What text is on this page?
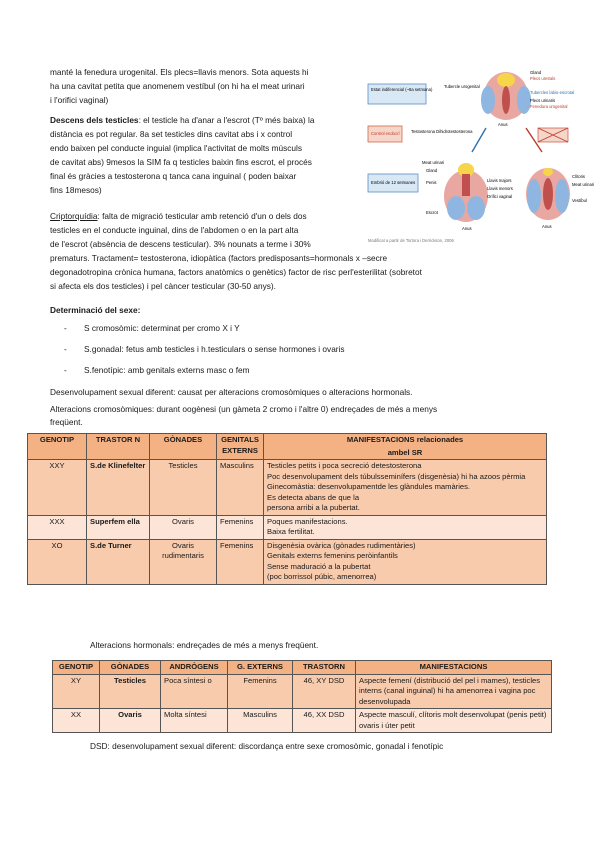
manté la fenedura urogenital. Els plecs=llavis menors. Sota aquests hi
ha una cavitat petita que anomenem vestíbul (on hi ha el meat urinari
i l'orifici vaginal)
Descens dels testicles: el testicle ha d'anar a l'escrot (Tº més baixa) la
distància es pot regular. 8a set testicles dins cavitat abs i x control
endo baixen pel conducte inguial (implica l'activitat de molts músculs
de cavitat abs) 9mesos la SIM fa q testicles baixin fins escrot, el procés
final és gràcies a testosterona q tanca cana inguinal ( poden baixar
fins 18mesos)
Criptorquídia: falta de migració testicular amb retenció d'un o dels dos
testicles en el conducte inguinal, dins de l'abdomen o en la part alta
de l'escrot (absència de descens testicular). 3% nounats a terme i 30%
prematurs. Tractament= testosterona, idiopàtica (factors predisposants=hormonals x –secre
degonadotropina crònica humana, factors anatòmics o genètics) factor de risc perl'esterilitat (sobretot
si afecta els dos testicles) i pel càncer testicular (30-50 anys).
Estat indiferencial (~8a setmana)
Control endocrí	Testosterona Dihidrotestosterona
Embrió de 12 setmanes
Gland
Plecs uretrals
Tubercle urogenital
Tubercles labio-escrotal
Plecs urinaris
Fenedura urogenital
Anus
Meat urinari
Gland
Penis
Escrot
Anus
Llavis majors
Llavis menors
Orifici vaginal
Clítoris
Meat urinari
Vestíbul
Anus
Modificat a partir de Tortora i Derrickson, 2006
Determinació del sexe:
- S cromosòmic: determinat per cromo X i Y
- S.gonadal: fetus amb testicles i h.testiculars o sense hormones i ovaris
- S.fenotípic: amb genitals externs masc o fem
Desenvolupament sexual diferent: causat per alteracions cromosòmiques o alteracions hormonals.
Alteracions cromosòmiques: durant oogènesi (un gàmeta 2 cromo i l'altre 0) endreçades de més a menys
freqüent.
GENOTIP	TRASTOR N	GÒNADES	GENITALS EXTERNS	MANIFESTACIONS relacionades
				ambel SR
XXY	S.de Klinefelter	Testicles	Masculins	Testicles petits i poca secreció detestosterona
Poc desenvolupament dels túbulsseminífers (disgenèsia) hi ha azoos pèrmia
Ginecomàstia: desenvolupamentde les glàndules mamàries.
Es detecta abans de que la
persona arribi a la pubertat.

XXX	Superfem ella	Ovaris	Femenins	Poques manifestacions.
Baixa fertilitat.

XO	S.de Turner	Ovaris rudimentaris	Femenins	Disgenèsia ovàrica (gònades rudimentàries)
Genitals externs femenins peròinfantils
Sense maduració a la pubertat
(poc borrissol púbic, amenorrea)
Alteracions hormonals: endreçades de més a menys freqüent.
GENOTIP	GÒNADES	ANDRÒGENS	G. EXTERNS	TRASTORN	MANIFESTACIONS
XY	Testicles	Poca síntesi o	Femenins	46, XY DSD	Aspecte femení (distribució del pel i mames), testicles interns (canal inguinal) hi ha amenorrea i vagina poc desenvolupada
XX	Ovaris	Molta síntesi	Masculins	46, XX DSD	Aspecte masculí, clítoris molt desenvolupat (penis petit) ovaris i úter petit
DSD: desenvolupament sexual diferent: discordança entre sexe cromosòmic, gonadal i fenotípic
